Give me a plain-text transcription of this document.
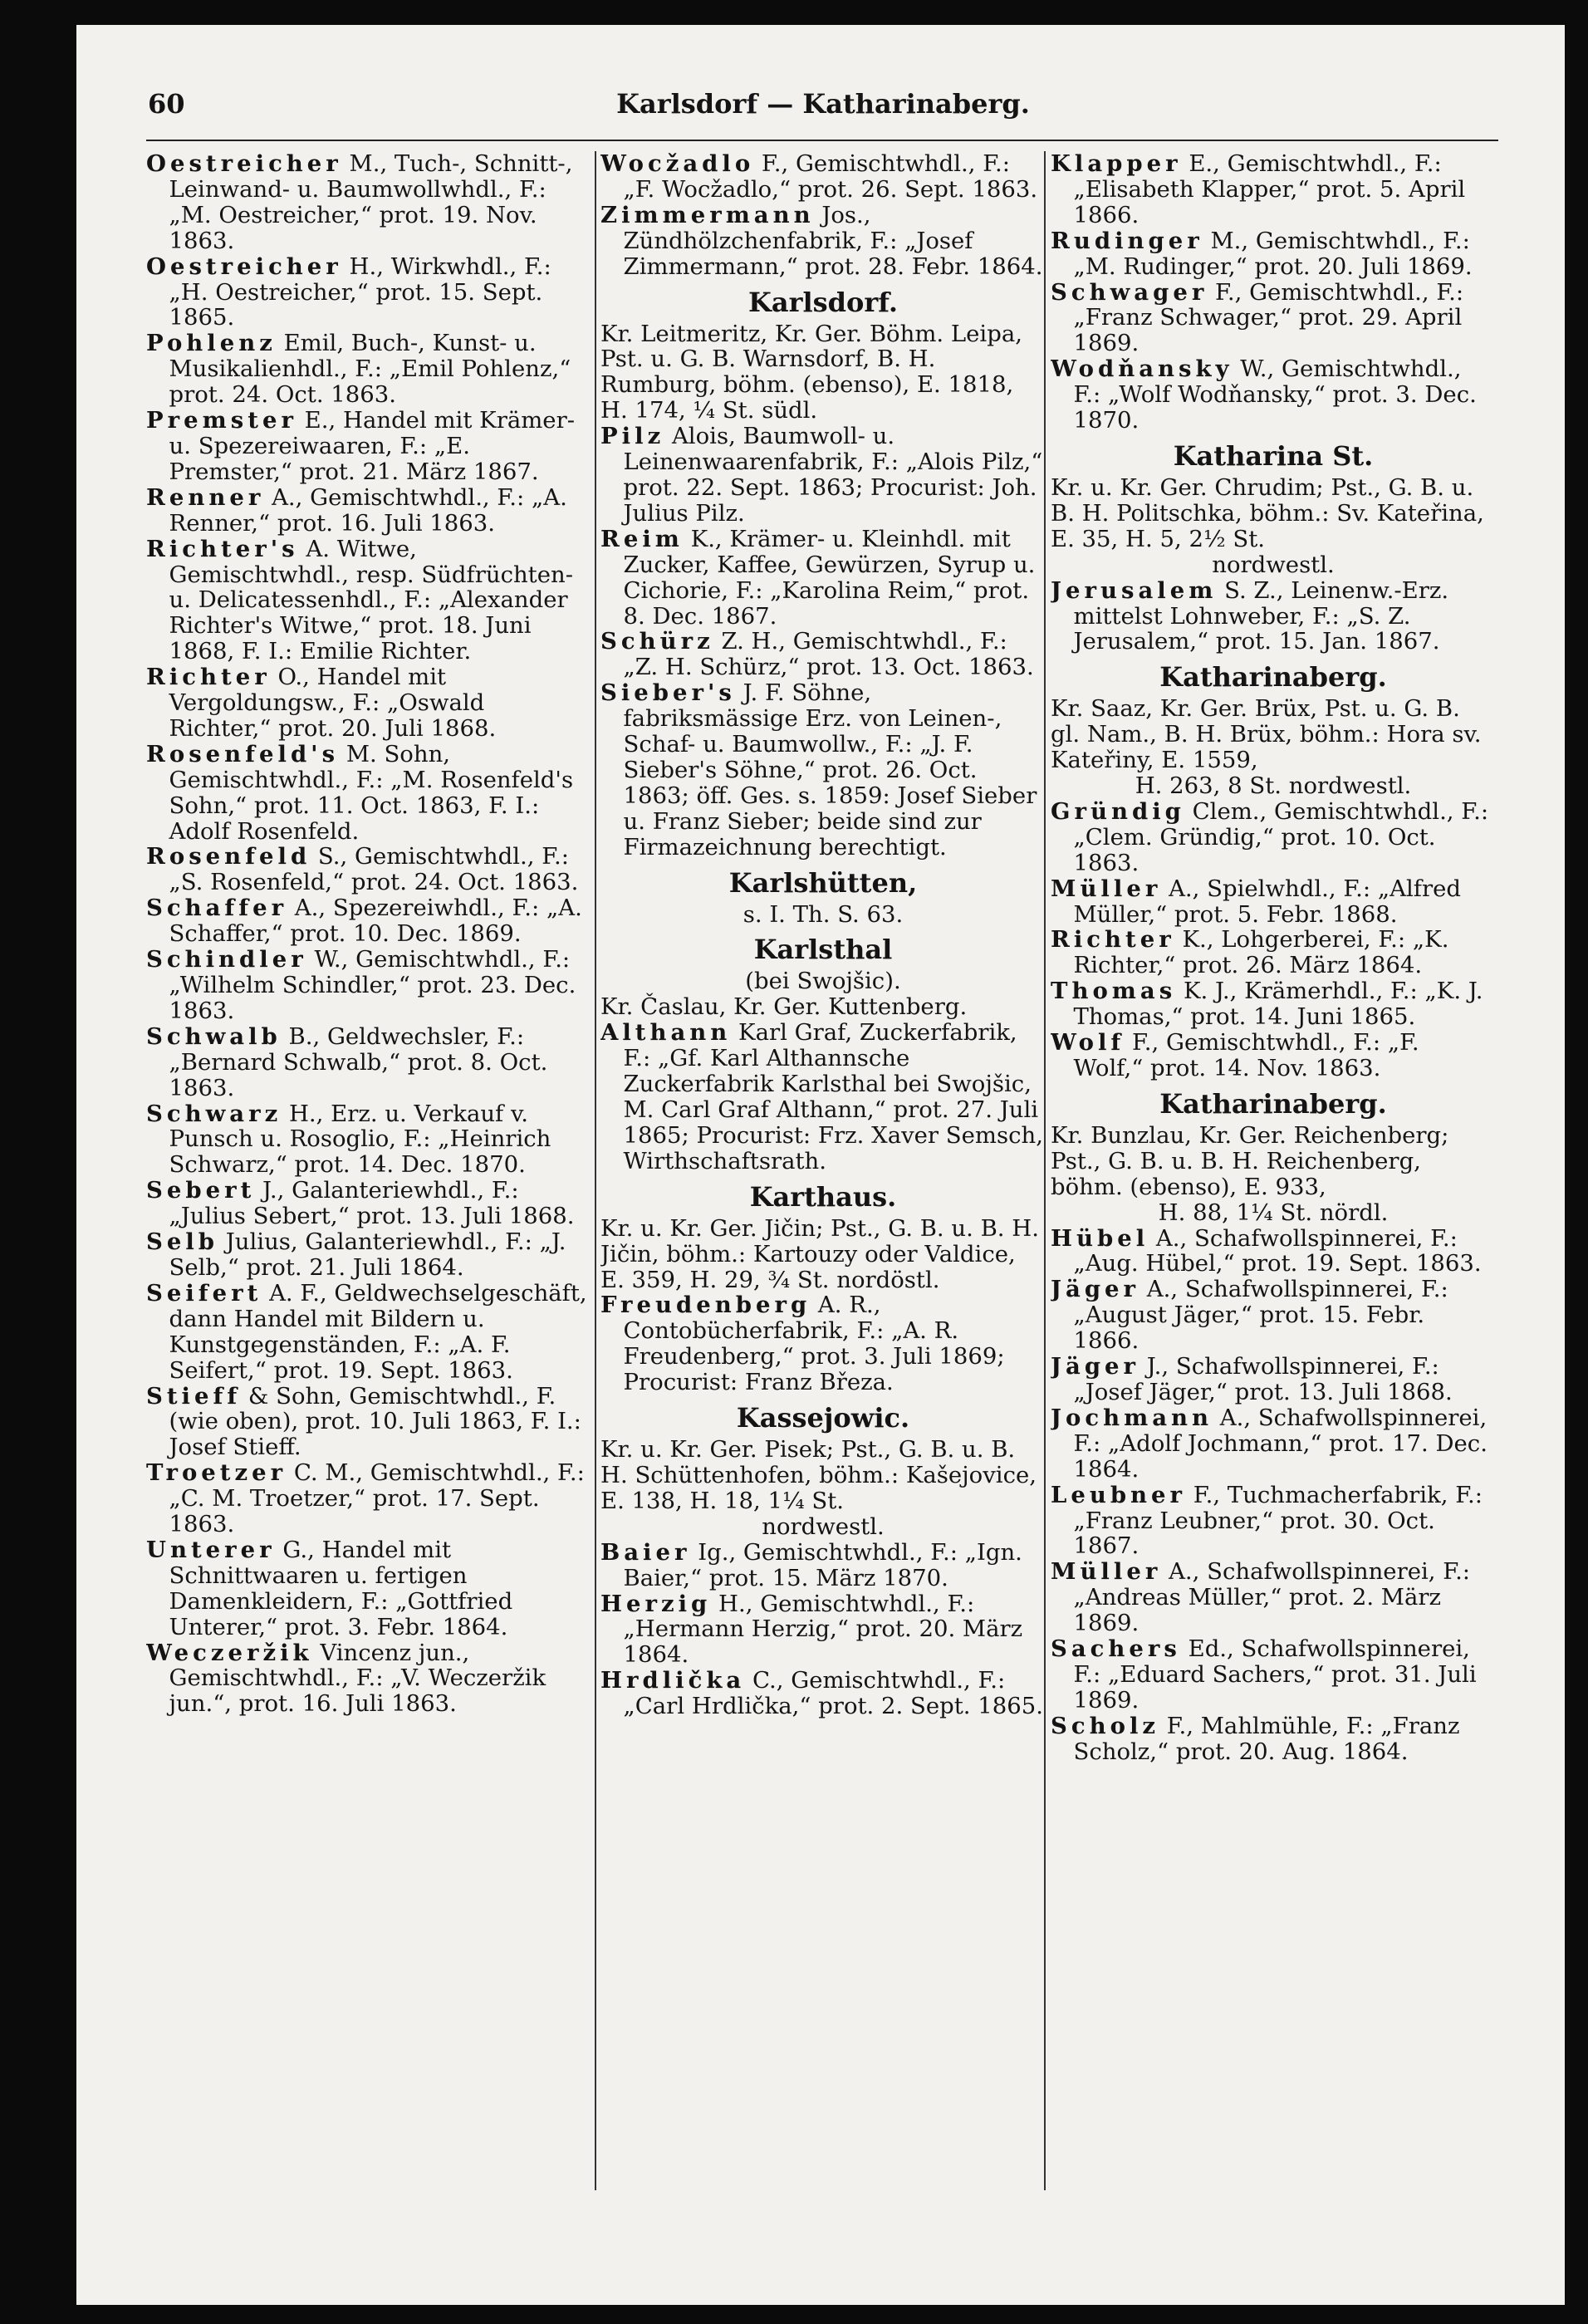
60	Karlsdorf — Katharinaberg.

Oestreicher M., Tuch-, Schnitt-, Leinwand- u. Baumwollwhdl., F.: „M. Oestreicher,“ prot. 19. Nov. 1863.

Oestreicher H., Wirkwhdl., F.: „H. Oestreicher,“ prot. 15. Sept. 1865.

Pohlenz Emil, Buch-, Kunst- u. Musikalienhdl., F.: „Emil Pohlenz,“ prot. 24. Oct. 1863.

Premster E., Handel mit Krämer- u. Spezereiwaaren, F.: „E. Premster,“ prot. 21. März 1867.

Renner A., Gemischtwhdl., F.: „A. Renner,“ prot. 16. Juli 1863.

Richter's A. Witwe, Gemischtwhdl., resp. Südfrüchten- u. Delicatessenhdl., F.: „Alexander Richter's Witwe,“ prot. 18. Juni 1868, F. I.: Emilie Richter.

Richter O., Handel mit Vergoldungsw., F.: „Oswald Richter,“ prot. 20. Juli 1868.

Rosenfeld's M. Sohn, Gemischtwhdl., F.: „M. Rosenfeld's Sohn,“ prot. 11. Oct. 1863, F. I.: Adolf Rosenfeld.

Rosenfeld S., Gemischtwhdl., F.: „S. Rosenfeld,“ prot. 24. Oct. 1863.

Schaffer A., Spezereiwhdl., F.: „A. Schaffer,“ prot. 10. Dec. 1869.

Schindler W., Gemischtwhdl., F.: „Wilhelm Schindler,“ prot. 23. Dec. 1863.

Schwalb B., Geldwechsler, F.: „Bernard Schwalb,“ prot. 8. Oct. 1863.

Schwarz H., Erz. u. Verkauf v. Punsch u. Rosoglio, F.: „Heinrich Schwarz,“ prot. 14. Dec. 1870.

Sebert J., Galanteriewhdl., F.: „Julius Sebert,“ prot. 13. Juli 1868.

Selb Julius, Galanteriewhdl., F.: „J. Selb,“ prot. 21. Juli 1864.

Seifert A. F., Geldwechselgeschäft, dann Handel mit Bildern u. Kunstgegenständen, F.: „A. F. Seifert,“ prot. 19. Sept. 1863.

Stieff & Sohn, Gemischtwhdl., F. (wie oben), prot. 10. Juli 1863, F. I.: Josef Stieff.

Troetzer C. M., Gemischtwhdl., F.: „C. M. Troetzer,“ prot. 17. Sept. 1863.

Unterer G., Handel mit Schnittwaaren u. fertigen Damenkleidern, F.: „Gottfried Unterer,“ prot. 3. Febr. 1864.

Weczeržik Vincenz jun., Gemischtwhdl., F.: „V. Weczeržik jun.“, prot. 16. Juli 1863.

Wocžadlo F., Gemischtwhdl., F.: „F. Wocžadlo,“ prot. 26. Sept. 1863.

Zimmermann Jos., Zündhölzchenfabrik, F.: „Josef Zimmermann,“ prot. 28. Febr. 1864.

Karlsdorf.

Kr. Leitmeritz, Kr. Ger. Böhm. Leipa, Pst. u. G. B. Warnsdorf, B. H. Rumburg, böhm. (ebenso), E. 1818, H. 174, ¼ St. südl.

Pilz Alois, Baumwoll- u. Leinenwaarenfabrik, F.: „Alois Pilz,“ prot. 22. Sept. 1863; Procurist: Joh. Julius Pilz.

Reim K., Krämer- u. Kleinhdl. mit Zucker, Kaffee, Gewürzen, Syrup u. Cichorie, F.: „Karolina Reim,“ prot. 8. Dec. 1867.

Schürz Z. H., Gemischtwhdl., F.: „Z. H. Schürz,“ prot. 13. Oct. 1863.

Sieber's J. F. Söhne, fabriksmässige Erz. von Leinen-, Schaf- u. Baumwollw., F.: „J. F. Sieber's Söhne,“ prot. 26. Oct. 1863; öff. Ges. s. 1859: Josef Sieber u. Franz Sieber; beide sind zur Firmazeichnung berechtigt.

Karlshütten,

s. I. Th. S. 63.

Karlsthal

(bei Swojšic).

Kr. Časlau, Kr. Ger. Kuttenberg.

Althann Karl Graf, Zuckerfabrik, F.: „Gf. Karl Althannsche Zuckerfabrik Karlsthal bei Swojšic, M. Carl Graf Althann,“ prot. 27. Juli 1865; Procurist: Frz. Xaver Semsch, Wirthschaftsrath.

Karthaus.

Kr. u. Kr. Ger. Jičin; Pst., G. B. u. B. H. Jičin, böhm.: Kartouzy oder Valdice, E. 359, H. 29, ¾ St. nordöstl.

Freudenberg A. R., Contobücherfabrik, F.: „A. R. Freudenberg,“ prot. 3. Juli 1869; Procurist: Franz Březa.

Kassejowic.

Kr. u. Kr. Ger. Pisek; Pst., G. B. u. B. H. Schüttenhofen, böhm.: Kašejovice, E. 138, H. 18, 1¼ St.

nordwestl.

Baier Ig., Gemischtwhdl., F.: „Ign. Baier,“ prot. 15. März 1870.

Herzig H., Gemischtwhdl., F.: „Hermann Herzig,“ prot. 20. März 1864.

Hrdlička C., Gemischtwhdl., F.: „Carl Hrdlička,“ prot. 2. Sept. 1865.

Klapper E., Gemischtwhdl., F.: „Elisabeth Klapper,“ prot. 5. April 1866.

Rudinger M., Gemischtwhdl., F.: „M. Rudinger,“ prot. 20. Juli 1869.

Schwager F., Gemischtwhdl., F.: „Franz Schwager,“ prot. 29. April 1869.

Wodňansky W., Gemischtwhdl., F.: „Wolf Wodňansky,“ prot. 3. Dec. 1870.

Katharina St.

Kr. u. Kr. Ger. Chrudim; Pst., G. B. u. B. H. Politschka, böhm.: Sv. Kateřina, E. 35, H. 5, 2½ St.

nordwestl.

Jerusalem S. Z., Leinenw.-Erz. mittelst Lohnweber, F.: „S. Z. Jerusalem,“ prot. 15. Jan. 1867.

Katharinaberg.

Kr. Saaz, Kr. Ger. Brüx, Pst. u. G. B. gl. Nam., B. H. Brüx, böhm.: Hora sv. Kateřiny, E. 1559,

H. 263, 8 St. nordwestl.

Gründig Clem., Gemischtwhdl., F.: „Clem. Gründig,“ prot. 10. Oct. 1863.

Müller A., Spielwhdl., F.: „Alfred Müller,“ prot. 5. Febr. 1868.

Richter K., Lohgerberei, F.: „K. Richter,“ prot. 26. März 1864.

Thomas K. J., Krämerhdl., F.: „K. J. Thomas,“ prot. 14. Juni 1865.

Wolf F., Gemischtwhdl., F.: „F. Wolf,“ prot. 14. Nov. 1863.

Katharinaberg.

Kr. Bunzlau, Kr. Ger. Reichenberg; Pst., G. B. u. B. H. Reichenberg, böhm. (ebenso), E. 933,

H. 88, 1¼ St. nördl.

Hübel A., Schafwollspinnerei, F.: „Aug. Hübel,“ prot. 19. Sept. 1863.

Jäger A., Schafwollspinnerei, F.: „August Jäger,“ prot. 15. Febr. 1866.

Jäger J., Schafwollspinnerei, F.: „Josef Jäger,“ prot. 13. Juli 1868.

Jochmann A., Schafwollspinnerei, F.: „Adolf Jochmann,“ prot. 17. Dec. 1864.

Leubner F., Tuchmacherfabrik, F.: „Franz Leubner,“ prot. 30. Oct. 1867.

Müller A., Schafwollspinnerei, F.: „Andreas Müller,“ prot. 2. März 1869.

Sachers Ed., Schafwollspinnerei, F.: „Eduard Sachers,“ prot. 31. Juli 1869.

Scholz F., Mahlmühle, F.: „Franz Scholz,“ prot. 20. Aug. 1864.
